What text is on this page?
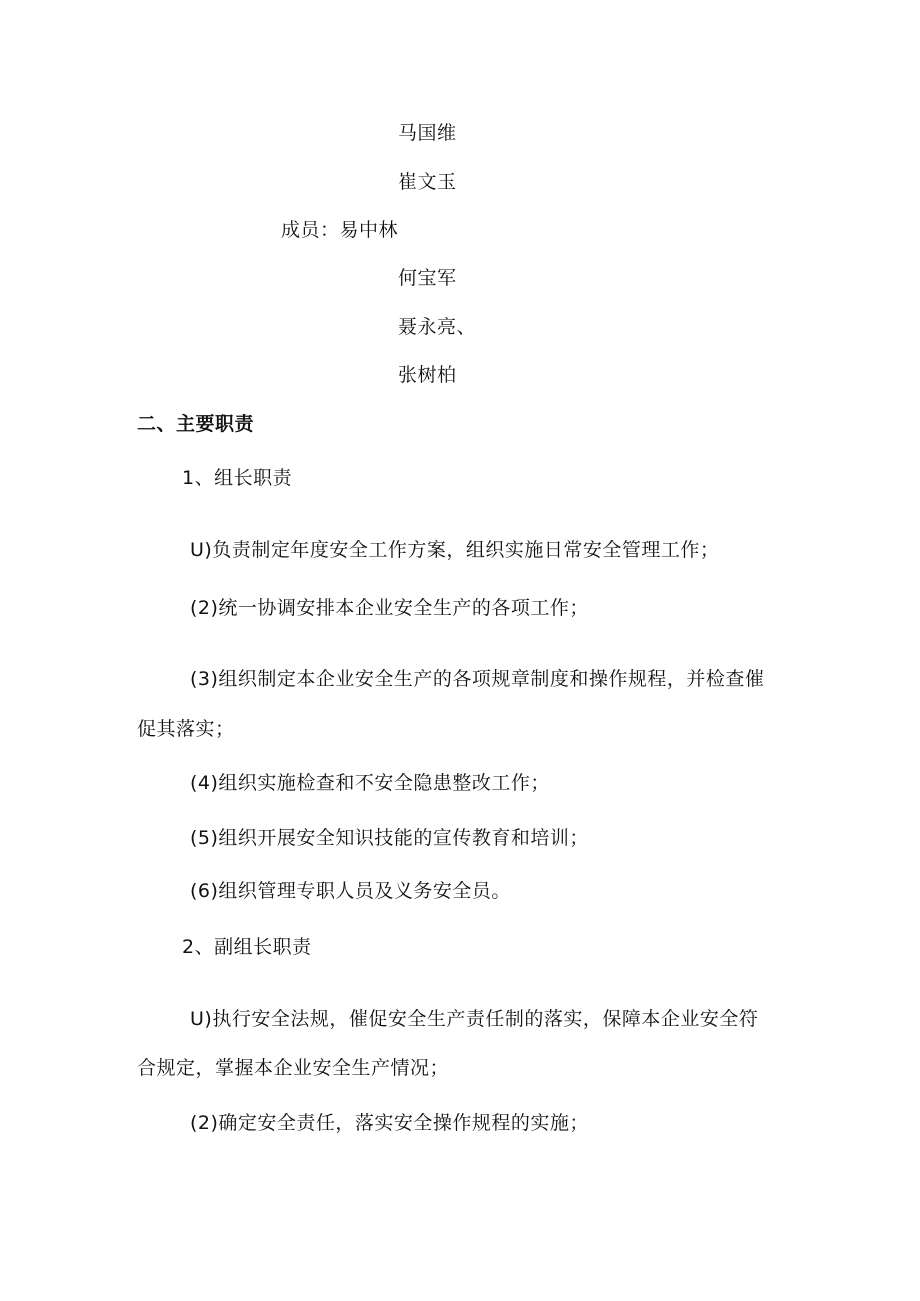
马国维
崔文玉
成员：易中林
何宝军
聂永亮、
张树柏
二、主要职责
1、组长职责
U)负责制定年度安全工作方案，组织实施日常安全管理工作；
(2)统一协调安排本企业安全生产的各项工作；
(3)组织制定本企业安全生产的各项规章制度和操作规程，并检查催
促其落实；
(4)组织实施检查和不安全隐患整改工作；
(5)组织开展安全知识技能的宣传教育和培训；
(6)组织管理专职人员及义务安全员。
2、副组长职责
U)执行安全法规，催促安全生产责任制的落实，保障本企业安全符
合规定，掌握本企业安全生产情况；
(2)确定安全责任，落实安全操作规程的实施；
